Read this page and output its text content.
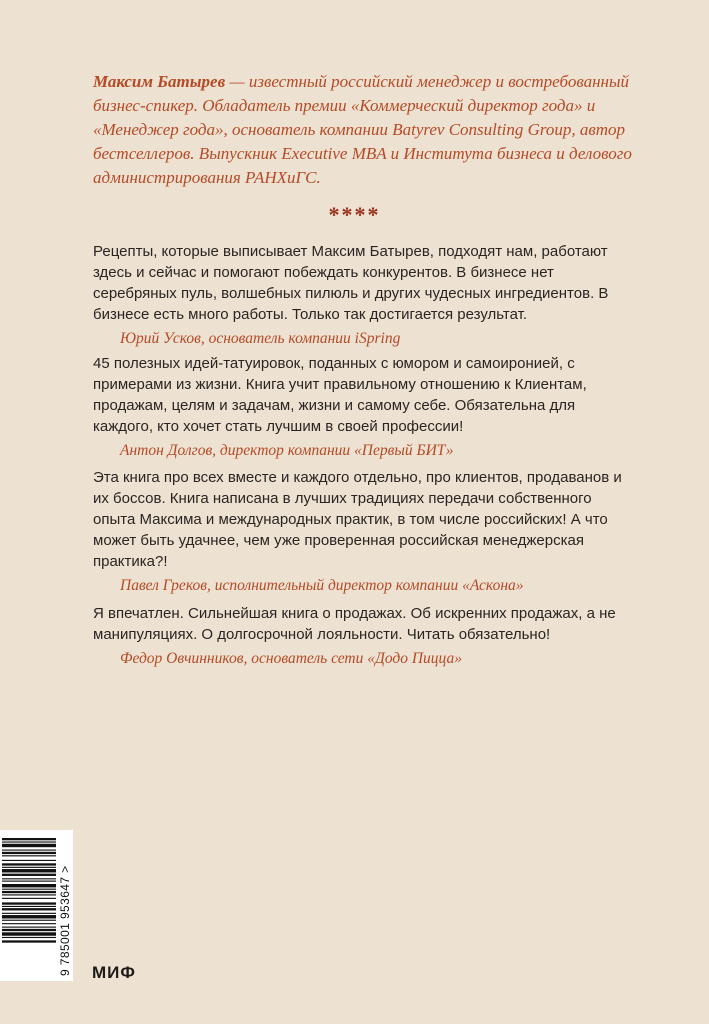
Максим Батырев — известный российский менеджер и востребованный бизнес-спикер. Обладатель премии «Коммерческий директор года» и «Менеджер года», основатель компании Batyrev Consulting Group, автор бестселлеров. Выпускник Executive MBA и Института бизнеса и делового администрирования РАНХиГС.

****

Рецепты, которые выписывает Максим Батырев, подходят нам, работают здесь и сейчас и помогают побеждать конкурентов. В бизнесе нет серебряных пуль, волшебных пилюль и других чудесных ингредиентов. В бизнесе есть много работы. Только так достигается результат.

Юрий Усков, основатель компании iSpring

45 полезных идей-татуировок, поданных с юмором и самоиронией, с примерами из жизни. Книга учит правильному отношению к Клиентам, продажам, целям и задачам, жизни и самому себе. Обязательна для каждого, кто хочет стать лучшим в своей профессии!

Антон Долгов, директор компании «Первый БИТ»

Эта книга про всех вместе и каждого отдельно, про клиентов, продаванов и их боссов. Книга написана в лучших традициях передачи собственного опыта Максима и международных практик, в том числе российских! А что может быть удачнее, чем уже проверенная российская менеджерская практика?!

Павел Греков, исполнительный директор компании «Аскона»

Я впечатлен. Сильнейшая книга о продажах. Об искренних продажах, а не манипуляциях. О долгосрочной лояльности. Читать обязательно!

Федор Овчинников, основатель сети «Додо Пицца»

9 785001 953647 > МИФ
